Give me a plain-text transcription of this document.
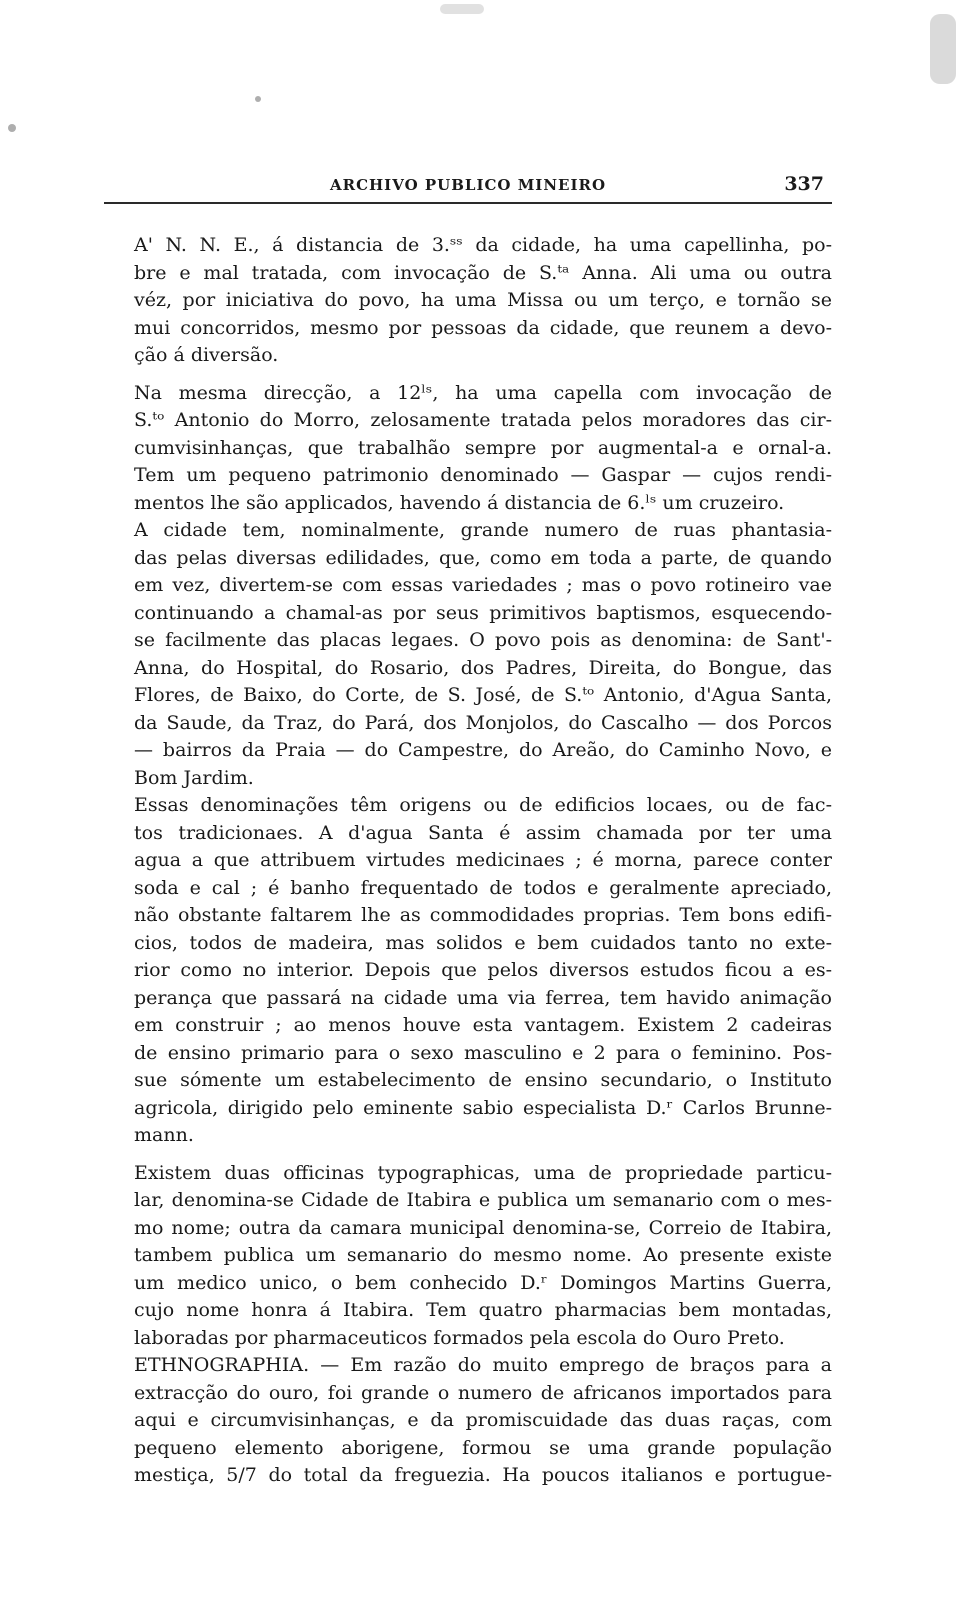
ARCHIVO PUBLICO MINEIRO	337

A' N. N. E., á distancia de 3.ˢˢ da cidade, ha uma capellinha, po-
bre e mal tratada, com invocação de S.ᵗᵃ Anna. Ali uma ou outra
véz, por iniciativa do povo, ha uma Missa ou um terço, e tornão se
mui concorridos, mesmo por pessoas da cidade, que reunem a devo-
ção á diversão.

Na mesma direcção, a 12ˡˢ, ha uma capella com invocação de
S.ᵗᵒ Antonio do Morro, zelosamente tratada pelos moradores das cir-
cumvisinhanças, que trabalhão sempre por augmental-a e ornal-a.
Tem um pequeno patrimonio denominado — Gaspar — cujos rendi-
mentos lhe são applicados, havendo á distancia de 6.ˡˢ um cruzeiro.

A cidade tem, nominalmente, grande numero de ruas phantasia-
das pelas diversas edilidades, que, como em toda a parte, de quando
em vez, divertem-se com essas variedades ; mas o povo rotineiro vae
continuando a chamal-as por seus primitivos baptismos, esquecendo-
se facilmente das placas legaes. O povo pois as denomina: de Sant'-
Anna, do Hospital, do Rosario, dos Padres, Direita, do Bongue, das
Flores, de Baixo, do Corte, de S. José, de S.ᵗᵒ Antonio, d'Agua Santa,
da Saude, da Traz, do Pará, dos Monjolos, do Cascalho — dos Porcos
— bairros da Praia — do Campestre, do Areão, do Caminho Novo, e
Bom Jardim.

Essas denominações têm origens ou de edificios locaes, ou de fac-
tos tradicionaes. A d'agua Santa é assim chamada por ter uma
agua a que attribuem virtudes medicinaes ; é morna, parece conter
soda e cal ; é banho frequentado de todos e geralmente apreciado,
não obstante faltarem lhe as commodidades proprias. Tem bons edifi-
cios, todos de madeira, mas solidos e bem cuidados tanto no exte-
rior como no interior. Depois que pelos diversos estudos ficou a es-
perança que passará na cidade uma via ferrea, tem havido animação
em construir ; ao menos houve esta vantagem. Existem 2 cadeiras
de ensino primario para o sexo masculino e 2 para o feminino. Pos-
sue sómente um estabelecimento de ensino secundario, o Instituto
agricola, dirigido pelo eminente sabio especialista D.ʳ Carlos Brunne-
mann.

Existem duas officinas typographicas, uma de propriedade particu-
lar, denomina-se Cidade de Itabira e publica um semanario com o mes-
mo nome; outra da camara municipal denomina-se, Correio de Itabira,
tambem publica um semanario do mesmo nome. Ao presente existe
um medico unico, o bem conhecido D.ʳ Domingos Martins Guerra,
cujo nome honra á Itabira. Tem quatro pharmacias bem montadas,
laboradas por pharmaceuticos formados pela escola do Ouro Preto.

ETHNOGRAPHIA. — Em razão do muito emprego de braços para a
extracção do ouro, foi grande o numero de africanos importados para
aqui e circumvisinhanças, e da promiscuidade das duas raças, com
pequeno elemento aborigene, formou se uma grande população
mestiça, 5/7 do total da freguezia. Ha poucos italianos e portugue-
